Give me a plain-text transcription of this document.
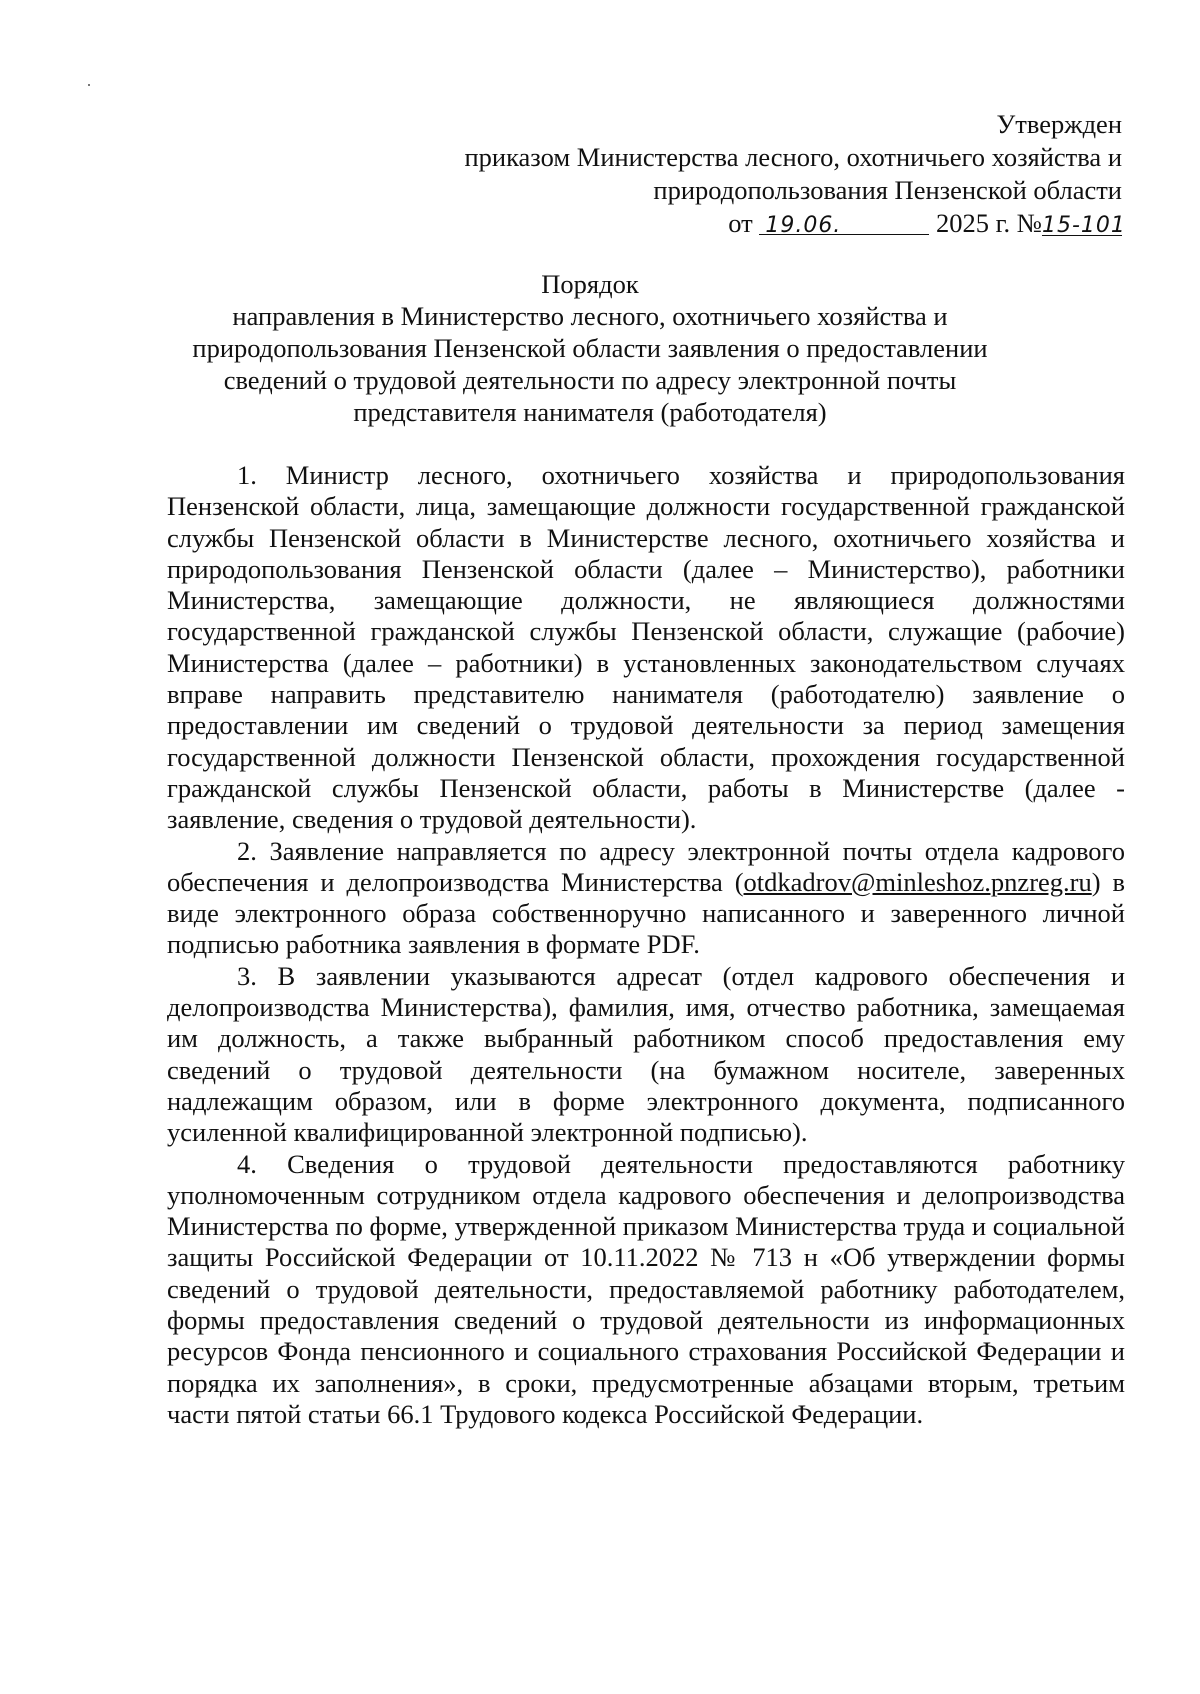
Утвержден
приказом Министерства лесного, охотничьего хозяйства и
природопользования Пензенской области
от 19.06.	2025 г. №15-101
Порядок
направления в Министерство лесного, охотничьего хозяйства и
природопользования Пензенской области заявления о предоставлении
сведений о трудовой деятельности по адресу электронной почты
представителя нанимателя (работодателя)

1. Министр лесного, охотничьего хозяйства и природопользования Пензенской области, лица, замещающие должности государственной гражданской службы Пензенской области в Министерстве лесного, охотничьего хозяйства и природопользования Пензенской области (далее – Министерство), работники Министерства, замещающие должности, не являющиеся должностями государственной гражданской службы Пензенской области, служащие (рабочие) Министерства (далее – работники) в установленных законодательством случаях вправе направить представителю нанимателя (работодателю) заявление о предоставлении им сведений о трудовой деятельности за период замещения государственной должности Пензенской области, прохождения государственной гражданской службы Пензенской области, работы в Министерстве (далее - заявление, сведения о трудовой деятельности).

2. Заявление направляется по адресу электронной почты отдела кадрового обеспечения и делопроизводства Министерства (otdkadrov@minleshoz.pnzreg.ru) в виде электронного образа собственноручно написанного и заверенного личной подписью работника заявления в формате PDF.

3. В заявлении указываются адресат (отдел кадрового обеспечения и делопроизводства Министерства), фамилия, имя, отчество работника, замещаемая им должность, а также выбранный работником способ предоставления ему сведений о трудовой деятельности (на бумажном носителе, заверенных надлежащим образом, или в форме электронного документа, подписанного усиленной квалифицированной электронной подписью).

4. Сведения о трудовой деятельности предоставляются работнику уполномоченным сотрудником отдела кадрового обеспечения и делопроизводства Министерства по форме, утвержденной приказом Министерства труда и социальной защиты Российской Федерации от 10.11.2022 № 713 н «Об утверждении формы сведений о трудовой деятельности, предоставляемой работнику работодателем, формы предоставления сведений о трудовой деятельности из информационных ресурсов Фонда пенсионного и социального страхования Российской Федерации и порядка их заполнения», в сроки, предусмотренные абзацами вторым, третьим части пятой статьи 66.1 Трудового кодекса Российской Федерации.
